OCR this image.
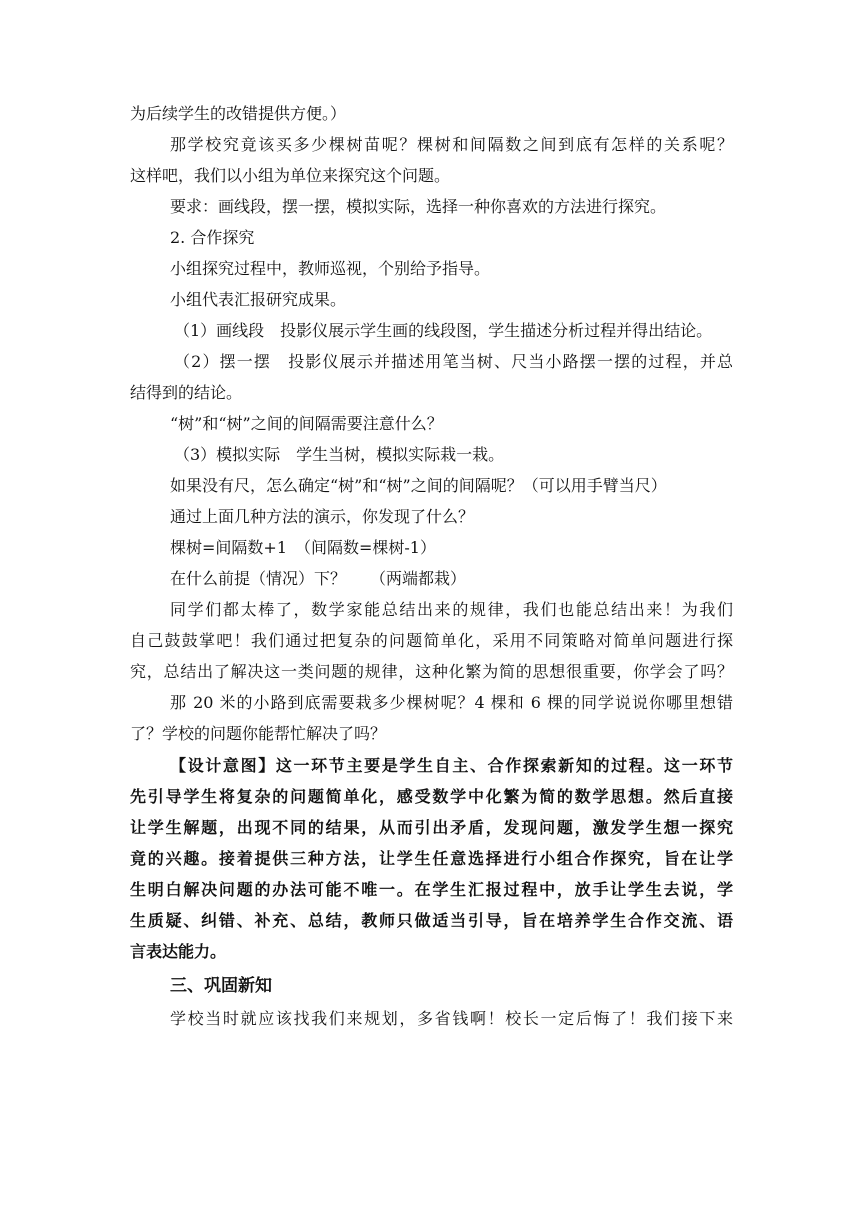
为后续学生的改错提供方便。）
那学校究竟该买多少棵树苗呢？棵树和间隔数之间到底有怎样的关系呢？
这样吧，我们以小组为单位来探究这个问题。
要求：画线段，摆一摆，模拟实际，选择一种你喜欢的方法进行探究。
2. 合作探究
小组探究过程中，教师巡视，个别给予指导。
小组代表汇报研究成果。
（1）画线段　投影仪展示学生画的线段图，学生描述分析过程并得出结论。
（2）摆一摆　投影仪展示并描述用笔当树、尺当小路摆一摆的过程，并总
结得到的结论。
“树”和“树”之间的间隔需要注意什么？
（3）模拟实际　学生当树，模拟实际栽一栽。
如果没有尺，怎么确定“树”和“树”之间的间隔呢？（可以用手臂当尺）
通过上面几种方法的演示，你发现了什么？
棵树=间隔数+1　（间隔数=棵树-1）
在什么前提（情况）下？　　（两端都栽）
同学们都太棒了，数学家能总结出来的规律，我们也能总结出来！为我们
自己鼓鼓掌吧！我们通过把复杂的问题简单化，采用不同策略对简单问题进行探
究，总结出了解决这一类问题的规律，这种化繁为简的思想很重要，你学会了吗？
那 20 米的小路到底需要栽多少棵树呢？4 棵和 6 棵的同学说说你哪里想错
了？学校的问题你能帮忙解决了吗？
【设计意图】这一环节主要是学生自主、合作探索新知的过程。这一环节
先引导学生将复杂的问题简单化，感受数学中化繁为简的数学思想。然后直接
让学生解题，出现不同的结果，从而引出矛盾，发现问题，激发学生想一探究
竟的兴趣。接着提供三种方法，让学生任意选择进行小组合作探究，旨在让学
生明白解决问题的办法可能不唯一。在学生汇报过程中，放手让学生去说，学
生质疑、纠错、补充、总结，教师只做适当引导，旨在培养学生合作交流、语
言表达能力。
三、巩固新知
学校当时就应该找我们来规划，多省钱啊！校长一定后悔了！我们接下来
